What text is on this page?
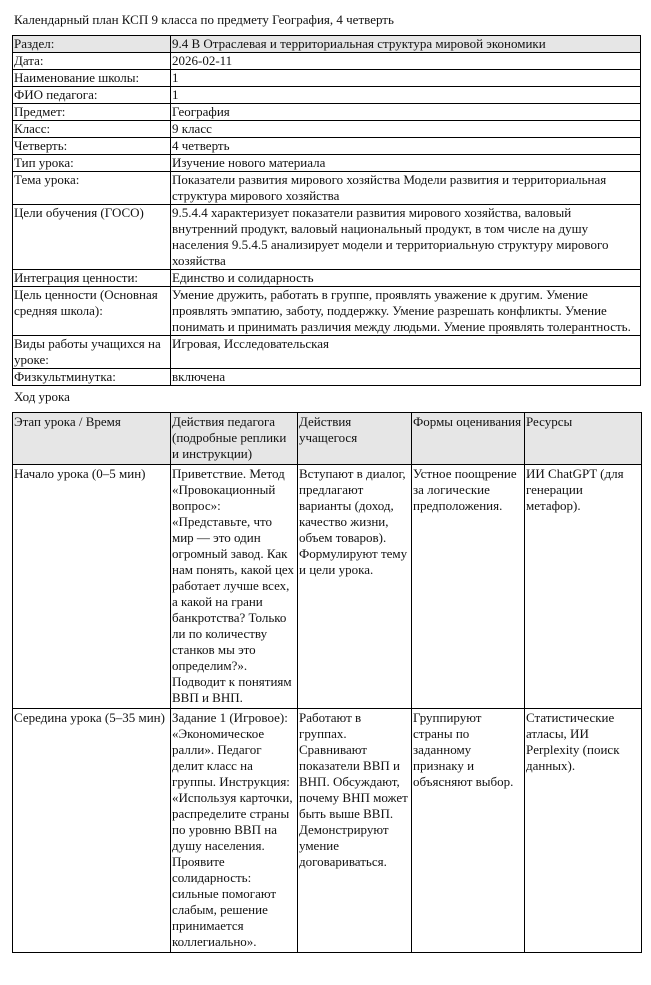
Календарный план КСП 9 класса по предмету География, 4 четверть
Раздел:	9.4 В Отраслевая и территориальная структура мировой экономики
Дата:	2026-02-11
Наименование школы:	1
ФИО педагога:	1
Предмет:	География
Класс:	9 класс
Четверть:	4 четверть
Тип урока:	Изучение нового материала
Тема урока:	Показатели развития мирового хозяйства Модели развития и территориальная структура мирового хозяйства
Цели обучения (ГОСО)	9.5.4.4 характеризует показатели развития мирового хозяйства, валовый внутренний продукт, валовый национальный продукт, в том числе на душу населения 9.5.4.5 анализирует модели и территориальную структуру мирового хозяйства
Интеграция ценности:	Единство и солидарность
Цель ценности (Основная средняя школа):	Умение дружить, работать в группе, проявлять уважение к другим. Умение проявлять эмпатию, заботу, поддержку. Умение разрешать конфликты. Умение понимать и принимать различия между людьми. Умение проявлять толерантность.
Виды работы учащихся на уроке:	Игровая, Исследовательская
Физкультминутка:	включена
Ход урока
Этап урока / Время	Действия педагога (подробные реплики и инструкции)	Действия учащегося	Формы оценивания	Ресурсы
Начало урока (0–5 мин)	Приветствие. Метод «Провокационный вопрос»: «Представьте, что мир — это один огромный завод. Как нам понять, какой цех работает лучше всех, а какой на грани банкротства? Только ли по количеству станков мы это определим?». Подводит к понятиям ВВП и ВНП.	Вступают в диалог, предлагают варианты (доход, качество жизни, объем товаров). Формулируют тему и цели урока.	Устное поощрение за логические предположения.	ИИ ChatGPT (для генерации метафор).
Середина урока (5–35 мин)	Задание 1 (Игровое): «Экономическое ралли». Педагог делит класс на группы. Инструкция: «Используя карточки, распределите страны по уровню ВВП на душу населения. Проявите солидарность: сильные помогают слабым, решение принимается коллегиально».	Работают в группах. Сравнивают показатели ВВП и ВНП. Обсуждают, почему ВНП может быть выше ВВП. Демонстрируют умение договариваться.	Группируют страны по заданному признаку и объясняют выбор.	Статистические атласы, ИИ Perplexity (поиск данных).
